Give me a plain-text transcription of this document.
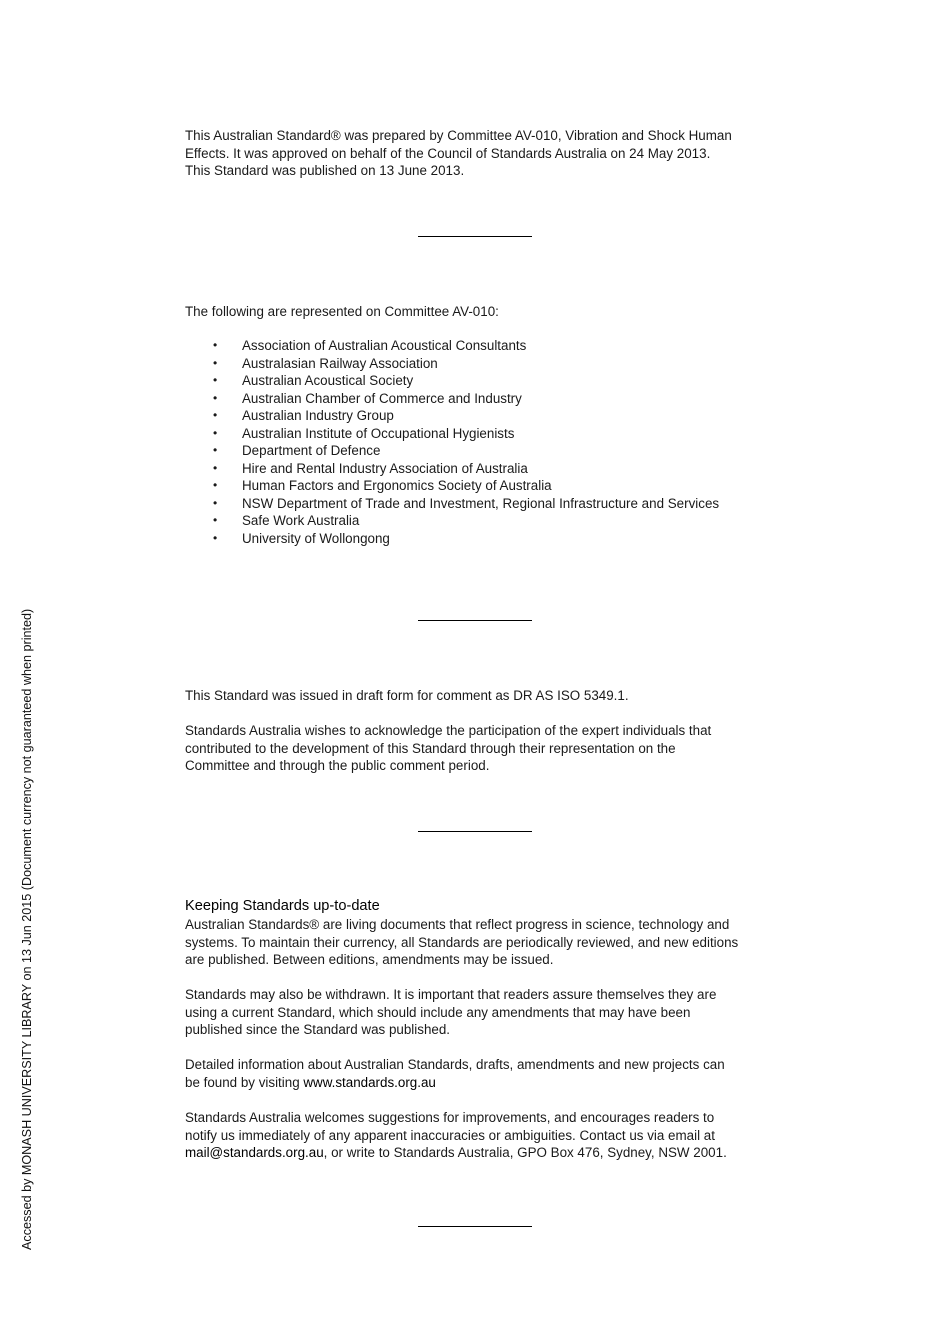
This Australian Standard® was prepared by Committee AV-010, Vibration and Shock Human
Effects. It was approved on behalf of the Council of Standards Australia on 24 May 2013.
This Standard was published on 13 June 2013.

The following are represented on Committee AV-010:

• Association of Australian Acoustical Consultants
• Australasian Railway Association
• Australian Acoustical Society
• Australian Chamber of Commerce and Industry
• Australian Industry Group
• Australian Institute of Occupational Hygienists
• Department of Defence
• Hire and Rental Industry Association of Australia
• Human Factors and Ergonomics Society of Australia
• NSW Department of Trade and Investment, Regional Infrastructure and Services
• Safe Work Australia
• University of Wollongong

This Standard was issued in draft form for comment as DR AS ISO 5349.1.

Standards Australia wishes to acknowledge the participation of the expert individuals that
contributed to the development of this Standard through their representation on the
Committee and through the public comment period.

Keeping Standards up-to-date

Australian Standards® are living documents that reflect progress in science, technology and
systems. To maintain their currency, all Standards are periodically reviewed, and new editions
are published. Between editions, amendments may be issued.

Standards may also be withdrawn. It is important that readers assure themselves they are
using a current Standard, which should include any amendments that may have been
published since the Standard was published.

Detailed information about Australian Standards, drafts, amendments and new projects can
be found by visiting www.standards.org.au

Standards Australia welcomes suggestions for improvements, and encourages readers to
notify us immediately of any apparent inaccuracies or ambiguities. Contact us via email at
mail@standards.org.au, or write to Standards Australia, GPO Box 476, Sydney, NSW 2001.

Accessed by MONASH UNIVERSITY LIBRARY on 13 Jun 2015 (Document currency not guaranteed when printed)
